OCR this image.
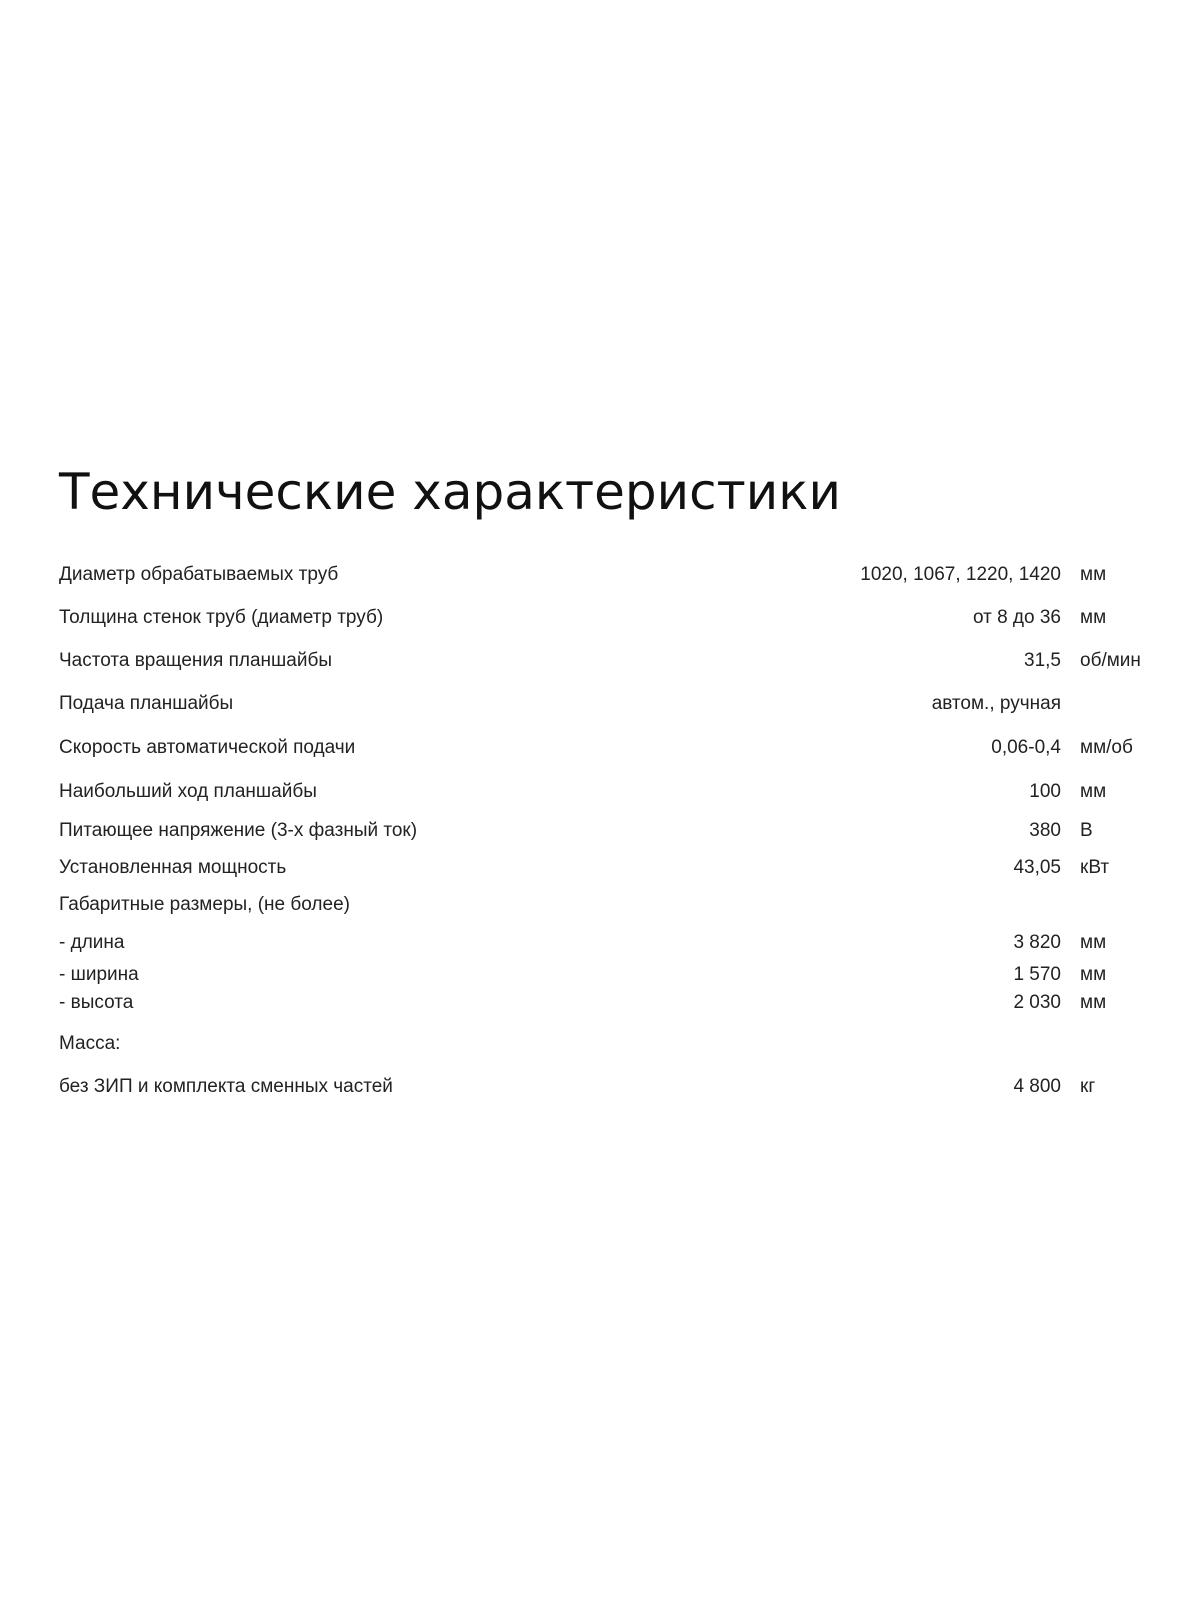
Технические характеристики
Диаметр обрабатываемых труб	1020, 1067, 1220, 1420 мм
Толщина стенок труб (диаметр труб)	от 8 до 36 мм
Частота вращения планшайбы	31,5 об/мин
Подача планшайбы	автом., ручная
Скорость автоматической подачи	0,06-0,4 мм/об
Наибольший ход планшайбы	100 мм
Питающее напряжение (3-х фазный ток)	380 В
Установленная мощность	43,05 кВт
Габаритные размеры, (не более)
- длина	3 820 мм
- ширина	1 570 мм
- высота	2 030 мм
Масса:
без ЗИП и комплекта сменных частей	4 800 кг
